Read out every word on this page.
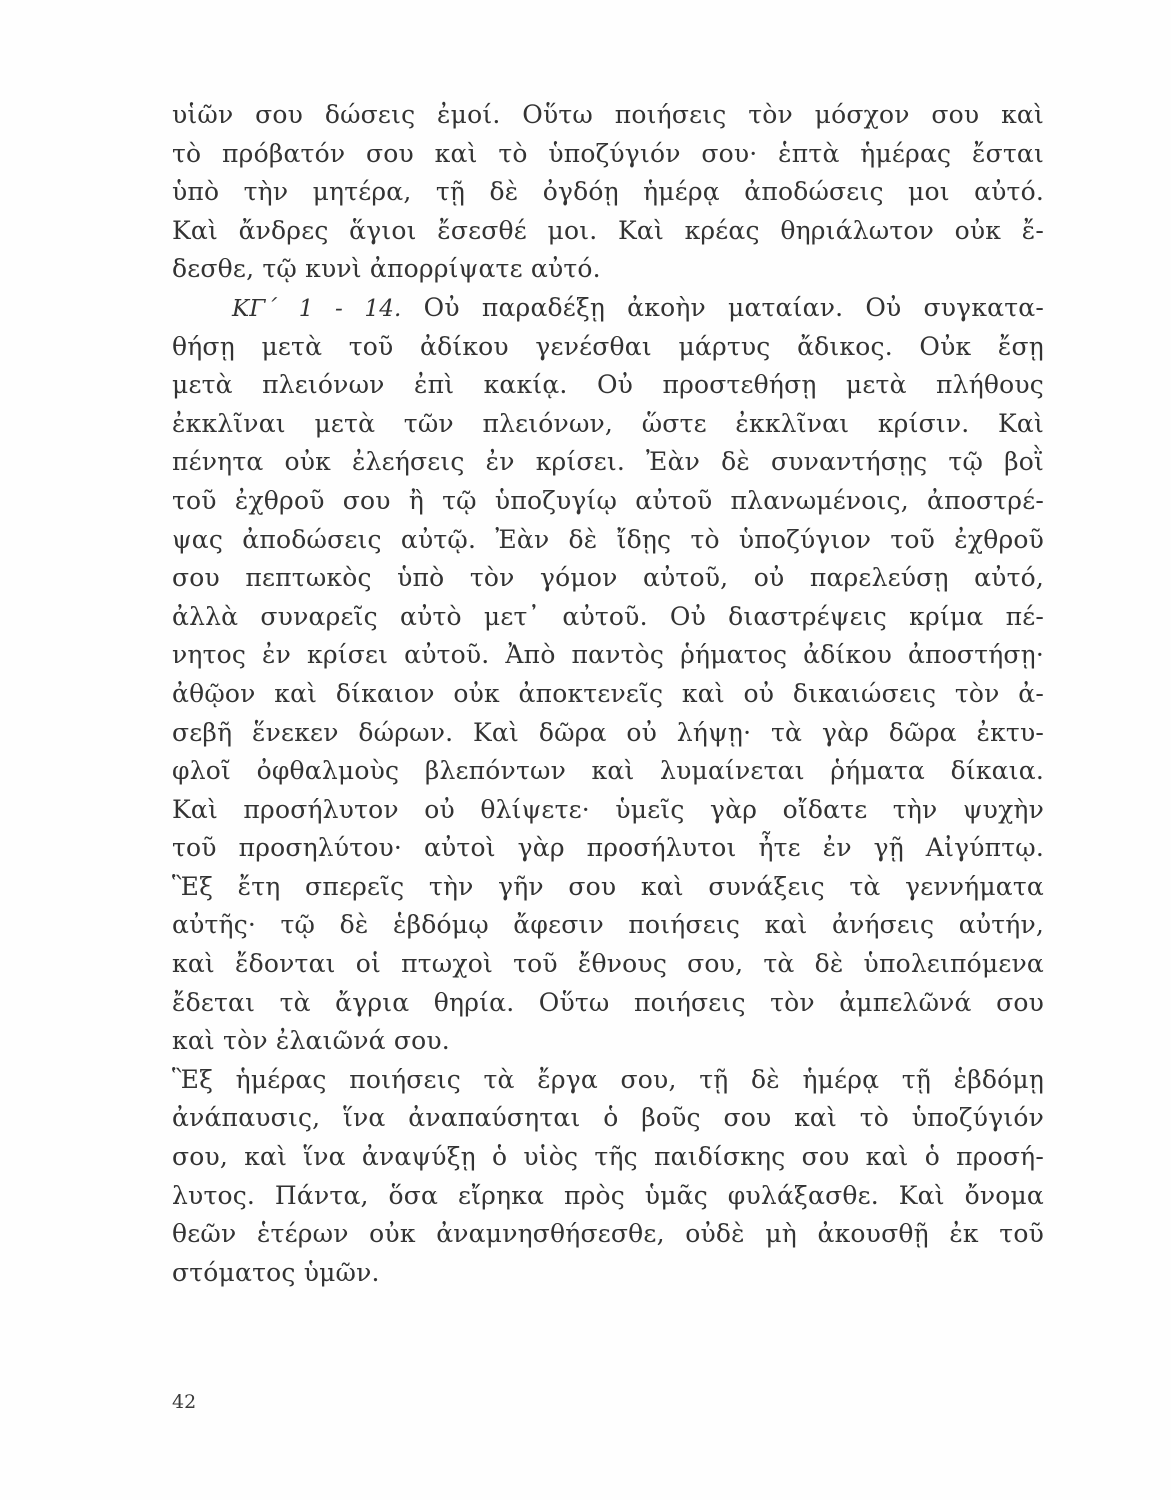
υἱῶν σου δώσεις ἐμοί. Οὕτω ποιήσεις τὸν μόσχον σου καὶ
τὸ πρόβατόν σου καὶ τὸ ὑποζύγιόν σου· ἑπτὰ ἡμέρας ἔσται
ὑπὸ τὴν μητέρα, τῇ δὲ ὀγδόῃ ἡμέρᾳ ἀποδώσεις μοι αὐτό.
Καὶ ἄνδρες ἅγιοι ἔσεσθέ μοι. Καὶ κρέας θηριάλωτον οὐκ ἔ-
δεσθε, τῷ κυνὶ ἀπορρίψατε αὐτό.
ΚΓ΄ 1 - 14. Οὐ παραδέξῃ ἀκοὴν ματαίαν. Οὐ συγκατα-
θήσῃ μετὰ τοῦ ἀδίκου γενέσθαι μάρτυς ἄδικος. Οὐκ ἔσῃ
μετὰ πλειόνων ἐπὶ κακίᾳ. Οὐ προστεθήσῃ μετὰ πλήθους
ἐκκλῖναι μετὰ τῶν πλειόνων, ὥστε ἐκκλῖναι κρίσιν. Καὶ
πένητα οὐκ ἐλεήσεις ἐν κρίσει. Ἐὰν δὲ συναντήσῃς τῷ βοῒ
τοῦ ἐχθροῦ σου ἢ τῷ ὑποζυγίῳ αὐτοῦ πλανωμένοις, ἀποστρέ-
ψας ἀποδώσεις αὐτῷ. Ἐὰν δὲ ἴδῃς τὸ ὑποζύγιον τοῦ ἐχθροῦ
σου πεπτωκὸς ὑπὸ τὸν γόμον αὐτοῦ, οὐ παρελεύσῃ αὐτό,
ἀλλὰ συναρεῖς αὐτὸ μετ᾽ αὐτοῦ. Οὐ διαστρέψεις κρίμα πέ-
νητος ἐν κρίσει αὐτοῦ. Ἀπὸ παντὸς ῥήματος ἀδίκου ἀποστήσῃ·
ἀθῷον καὶ δίκαιον οὐκ ἀποκτενεῖς καὶ οὐ δικαιώσεις τὸν ἀ-
σεβῆ ἕνεκεν δώρων. Καὶ δῶρα οὐ λήψῃ· τὰ γὰρ δῶρα ἐκτυ-
φλοῖ ὀφθαλμοὺς βλεπόντων καὶ λυμαίνεται ῥήματα δίκαια.
Καὶ προσήλυτον οὐ θλίψετε· ὑμεῖς γὰρ οἴδατε τὴν ψυχὴν
τοῦ προσηλύτου· αὐτοὶ γὰρ προσήλυτοι ἦτε ἐν γῇ Αἰγύπτῳ.
Ἓξ ἔτη σπερεῖς τὴν γῆν σου καὶ συνάξεις τὰ γεννήματα
αὐτῆς· τῷ δὲ ἑβδόμῳ ἄφεσιν ποιήσεις καὶ ἀνήσεις αὐτήν,
καὶ ἔδονται οἱ πτωχοὶ τοῦ ἔθνους σου, τὰ δὲ ὑπολειπόμενα
ἔδεται τὰ ἄγρια θηρία. Οὕτω ποιήσεις τὸν ἀμπελῶνά σου
καὶ τὸν ἐλαιῶνά σου.
Ἓξ ἡμέρας ποιήσεις τὰ ἔργα σου, τῇ δὲ ἡμέρᾳ τῇ ἑβδόμῃ
ἀνάπαυσις, ἵνα ἀναπαύσηται ὁ βοῦς σου καὶ τὸ ὑποζύγιόν
σου, καὶ ἵνα ἀναψύξῃ ὁ υἱὸς τῆς παιδίσκης σου καὶ ὁ προσή-
λυτος. Πάντα, ὅσα εἴρηκα πρὸς ὑμᾶς φυλάξασθε. Καὶ ὄνομα
θεῶν ἑτέρων οὐκ ἀναμνησθήσεσθε, οὐδὲ μὴ ἀκουσθῇ ἐκ τοῦ
στόματος ὑμῶν.
42
